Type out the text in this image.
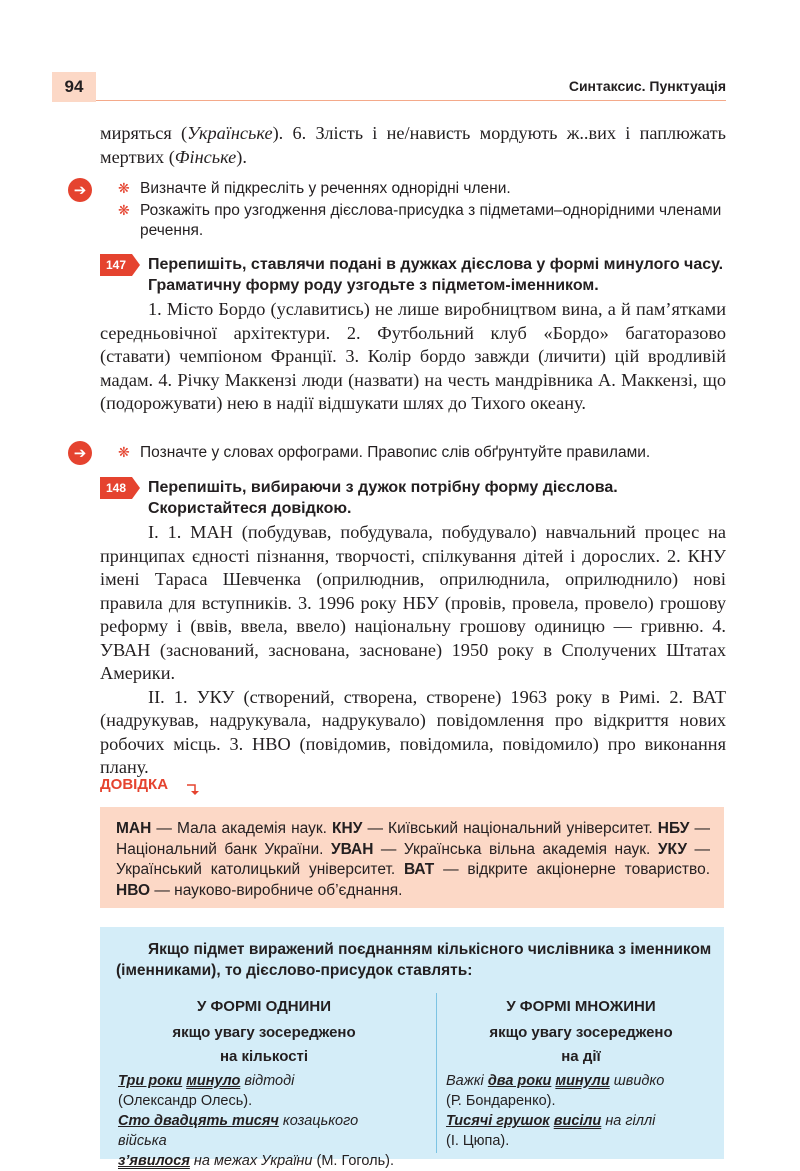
94	Синтаксис. Пунктуація

миряться (Українське). 6. Злість і не/нависть мордують ж..вих і паплюжать мертвих (Фінське).

➔	❋ Визначте й підкресліть у реченнях однорідні члени.
❋ Розкажіть про узгодження дієслова-присудка з підметами–однорідними членами речення.
147	Перепишіть, ставлячи подані в дужках дієслова у формі минулого часу. Граматичну форму роду узгодьте з підметом-іменником.

1. Місто Бордо (уславитись) не лише виробництвом вина, а й пам’ятками середньовічної архітектури. 2. Футбольний клуб «Бордо» багаторазово (ставати) чемпіоном Франції. 3. Колір бордо завжди (личити) цій вродливій мадам. 4. Річку Маккензі люди (назвати) на честь мандрівника А. Маккензі, що (подорожувати) нею в надії відшукати шлях до Тихого океану.

➔	❋ Позначте у словах орфограми. Правопис слів обґрунтуйте правилами.
148	Перепишіть, вибираючи з дужок потрібну форму дієслова. Скористайтеся довідкою.

І. 1. МАН (побудував, побудувала, побудувало) навчальний процес на принципах єдності пізнання, творчості, спілкування дітей і дорослих. 2. КНУ імені Тараса Шевченка (оприлюднив, оприлюднила, оприлюднило) нові правила для вступників. 3. 1996 року НБУ (провів, провела, провело) грошову реформу і (ввів, ввела, ввело) національну грошову одиницю — гривню. 4. УВАН (заснований, заснована, засноване) 1950 року в Сполучених Штатах Америки.

ІІ. 1. УКУ (створений, створена, створене) 1963 року в Римі. 2. ВАТ (надрукував, надрукувала, надрукувало) повідомлення про відкриття нових робочих місць. 3. НВО (повідомив, повідомила, повідомило) про виконання плану.

ДОВІДКА
МАН — Мала академія наук. КНУ — Київський національний університет. НБУ — Національний банк України. УВАН — Українська вільна академія наук. УКУ — Український католицький університет. ВАТ — відкрите акціонерне товариство. НВО — науково-виробниче об’єднання.
Якщо підмет виражений поєднанням кількісного числівника з іменником (іменниками), то дієслово-присудок ставлять:
У ФОРМІ ОДНИНИ
якщо увагу зосереджено
на кількості
Три роки минуло відтоді
(Олександр Олесь).
Сто двадцять тисяч козацького війська
з’явилося на межах України (М. Гоголь).
У ФОРМІ МНОЖИНИ
якщо увагу зосереджено
на дії
Важкі два роки минули швидко
(Р. Бондаренко).
Тисячі грушок висіли на гіллі
(І. Цюпа).
